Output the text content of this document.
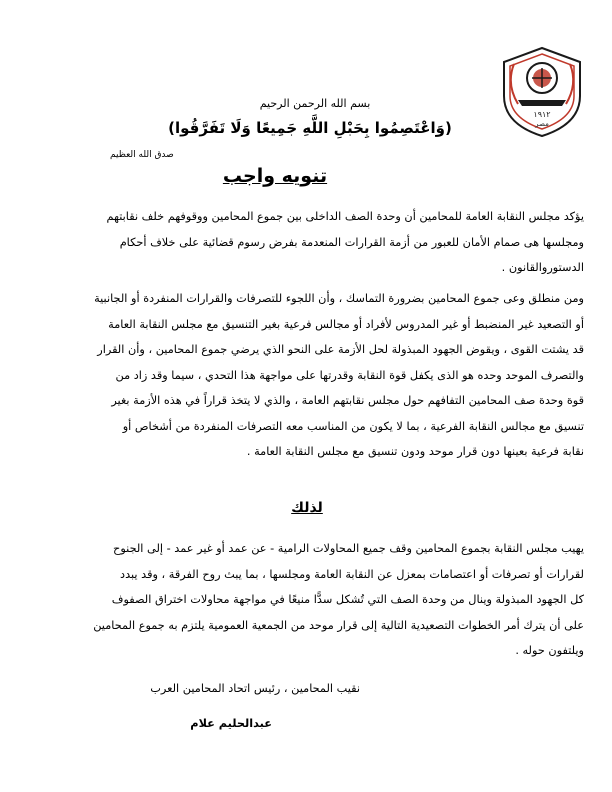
١٩١٢
مصر
بسم الله الرحمن الرحيم
(وَاعْتَصِمُوا بِحَبْلِ اللَّهِ جَمِيعًا وَلَا تَفَرَّقُوا)
صدق الله العظيم
تنويه واجب

يؤكد مجلس النقابة العامة للمحامين أن وحدة الصف الداخلى بين جموع المحامين ووقوفهم خلف نقابتهم

ومجلسها هى صمام الأمان للعبور من أزمة القرارات المنعدمة بفرض رسوم قضائية على خلاف أحكام

الدستوروالقانون .

ومن منطلق وعى جموع المحامين بضرورة التماسك ، وأن اللجوء للتصرفات والقرارات المنفردة أو الجانبية

أو التصعيد غير المنضبط أو غير المدروس لأفراد أو مجالس فرعية بغير التنسيق مع مجلس النقابة العامة

قد يشتت القوى ، ويقوض الجهود المبذولة لحل الأزمة على النحو الذي يرضي جموع المحامين ، وأن القرار

والتصرف الموحد وحده هو الذى يكفل قوة النقابة وقدرتها على مواجهة هذا التحدي ، سيما وقد زاد من

قوة وحدة صف المحامين التفافهم حول مجلس نقابتهم العامة ، والذي لا يتخذ قراراً في هذه الأزمة بغير

تنسيق مع مجالس النقابة الفرعية ، بما لا يكون من المناسب معه التصرفات المنفردة من أشخاص أو

نقابة فرعية بعينها دون قرار موحد ودون تنسيق مع مجلس النقابة العامة .

لذلك

يهيب مجلس النقابة بجموع المحامين وقف جميع المحاولات الرامية - عن عمد أو غير عمد - إلى الجنوح

لقرارات أو تصرفات أو اعتصامات بمعزل عن النقابة العامة ومجلسها ، بما يبث روح الفرقة ، وقد يبدد

كل الجهود المبذولة وينال من وحدة الصف التي تُشكل سدًّا منيعًا في مواجهة محاولات اختراق الصفوف

على أن يترك أمر الخطوات التصعيدية التالية إلى قرار موحد من الجمعية العمومية يلتزم به جموع المحامين

ويلتفون حوله .

نقيب المحامين ، رئيس اتحاد المحامين العرب
عبدالحليم علام
